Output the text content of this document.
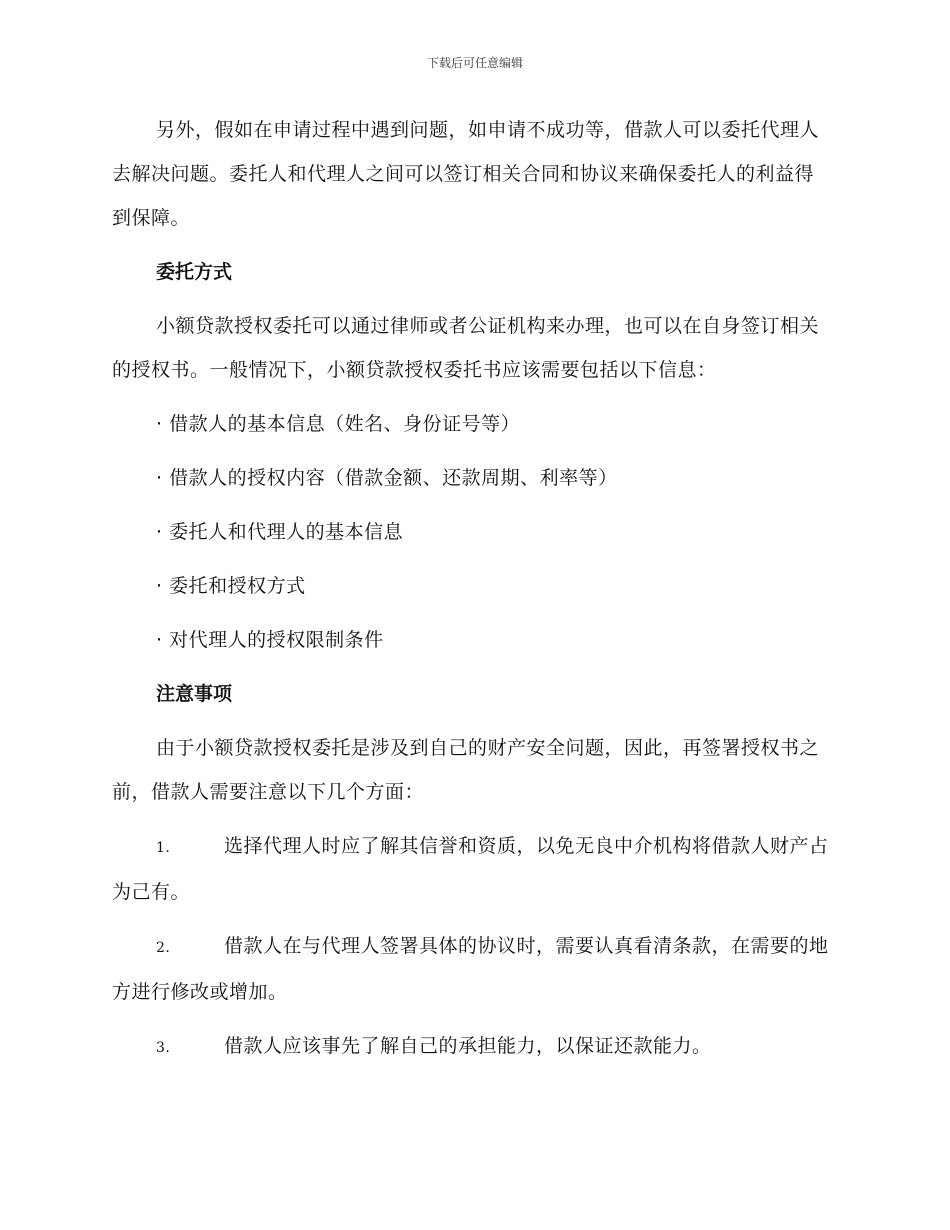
下载后可任意编辑

另外，假如在申请过程中遇到问题，如申请不成功等，借款人可以委托代理人去解决问题。委托人和代理人之间可以签订相关合同和协议来确保委托人的利益得到保障。

委托方式

小额贷款授权委托可以通过律师或者公证机构来办理，也可以在自身签订相关的授权书。一般情况下，小额贷款授权委托书应该需要包括以下信息：

· 借款人的基本信息（姓名、身份证号等）

· 借款人的授权内容（借款金额、还款周期、利率等）

· 委托人和代理人的基本信息

· 委托和授权方式

· 对代理人的授权限制条件

注意事项

由于小额贷款授权委托是涉及到自己的财产安全问题，因此，再签署授权书之前，借款人需要注意以下几个方面：

1.	选择代理人时应了解其信誉和资质，以免无良中介机构将借款人财产占为己有。

2.	借款人在与代理人签署具体的协议时，需要认真看清条款，在需要的地方进行修改或增加。

3.	借款人应该事先了解自己的承担能力，以保证还款能力。
